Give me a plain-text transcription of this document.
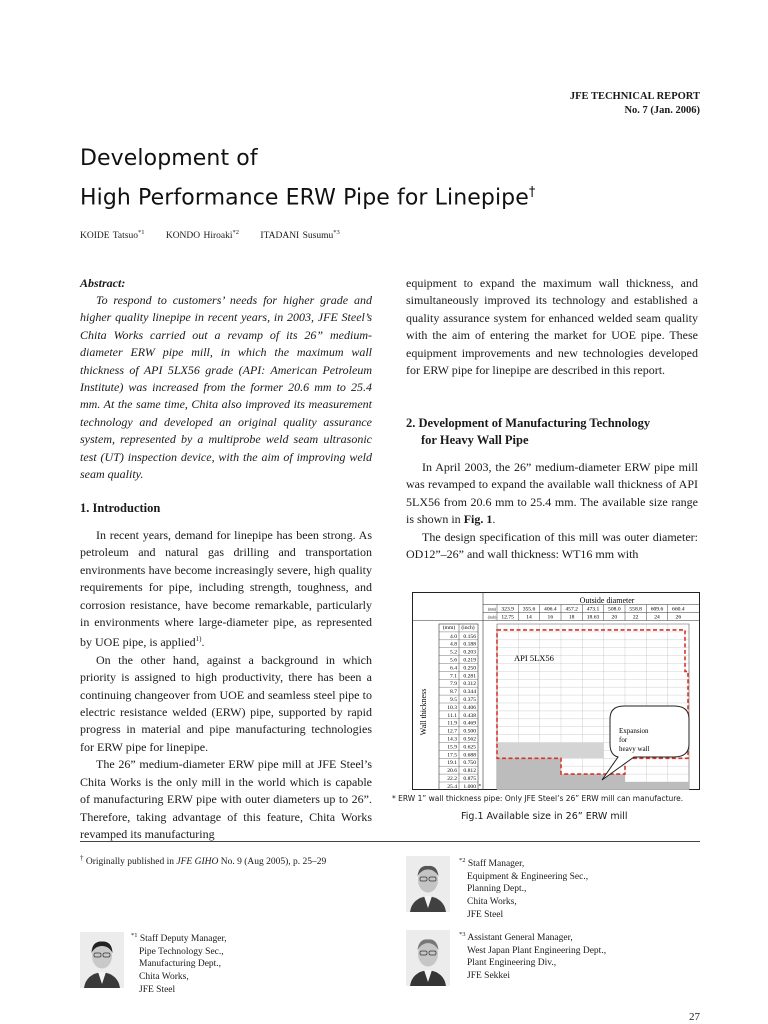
JFE TECHNICAL REPORT
No. 7 (Jan. 2006)
Development of
High Performance ERW Pipe for Linepipe†
KOIDE Tatsuo$^{*1}$ KONDO Hiroaki$^{*2}$ ITADANI Susumu$^{*3}$
Abstract:
To respond to customers’ needs for higher grade and higher quality linepipe in recent years, in 2003, JFE Steel’s Chita Works carried out a revamp of its 26” medium-diameter ERW pipe mill, in which the maximum wall thickness of API 5LX56 grade (API: American Petroleum Institute) was increased from the former 20.6 mm to 25.4 mm. At the same time, Chita also improved its measurement technology and developed an original quality assurance system, represented by a multiprobe weld seam ultrasonic test (UT) inspection device, with the aim of improving weld seam quality.
1. Introduction
In recent years, demand for linepipe has been strong. As petroleum and natural gas drilling and transportation environments have become increasingly severe, high quality requirements for pipe, including strength, toughness, and corrosion resistance, have become remarkable, particularly in environments where large-diameter pipe, as represented by UOE pipe, is applied$^{1)}$.
On the other hand, against a background in which priority is assigned to high productivity, there has been a continuing changeover from UOE and seamless steel pipe to electric resistance welded (ERW) pipe, supported by rapid progress in material and pipe manufacturing technologies for ERW pipe for linepipe.
The 26” medium-diameter ERW pipe mill at JFE Steel’s Chita Works is the only mill in the world which is capable of manufacturing ERW pipe with outer diameters up to 26”. Therefore, taking advantage of this feature, Chita Works revamped its manufacturing
equipment to expand the maximum wall thickness, and simultaneously improved its technology and established a quality assurance system for enhanced welded seam quality with the aim of entering the market for UOE pipe. These equipment improvements and new technologies developed for ERW pipe for linepipe are described in this report.
2. Development of Manufacturing Technology
for Heavy Wall Pipe
In April 2003, the 26” medium-diameter ERW pipe mill was revamped to expand the available wall thickness of API 5LX56 from 20.6 mm to 25.4 mm. The available size range is shown in Fig. 1.
The design specification of this mill was outer diameter: OD12”–26” and wall thickness: WT16 mm with
Outside diameter
(mm)
(inch)
(mm) (inch)
Wall thickness
API 5LX56
Expansion
for
heavy wall
323.9
12.75
355.6
14
406.4
16
457.2
18
473.1
18.63
508.0
20
558.8
22
609.6
24
660.4
26
4.0 0.156
4.8 0.188
5.2 0.203
5.6 0.219
6.4 0.250
7.1 0.281
7.9 0.312
8.7 0.344
9.5 0.375
10.3 0.406
11.1 0.438
11.9 0.469
12.7 0.500
14.3 0.562
15.9 0.625
17.5 0.688
19.1 0.750
20.6 0.812
22.2 0.875
25.4 1.000 *
* ERW 1” wall thickness pipe: Only JFE Steel’s 26” ERW mill can manufacture.
Fig.1 Available size in 26” ERW mill
† Originally published in JFE GIHO No. 9 (Aug 2005), p. 25–29
$^{*1}$ Staff Deputy Manager,
Pipe Technology Sec.,
Manufacturing Dept.,
Chita Works,
JFE Steel
$^{*2}$ Staff Manager,
Equipment & Engineering Sec.,
Planning Dept.,
Chita Works,
JFE Steel
$^{*3}$ Assistant General Manager,
West Japan Plant Engineering Dept.,
Plant Engineering Div.,
JFE Sekkei
27
